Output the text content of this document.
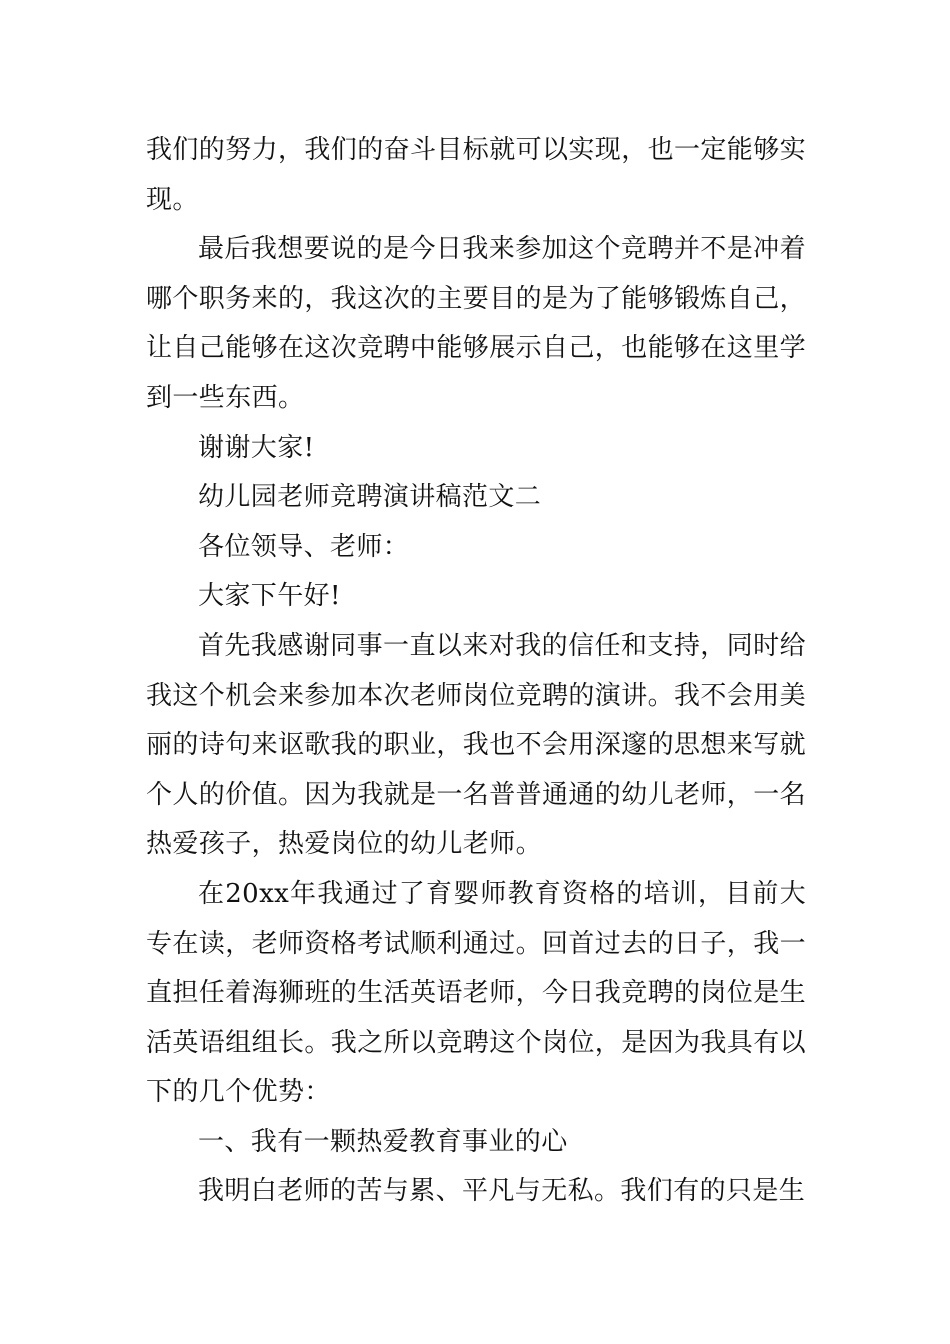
我们的努力，我们的奋斗目标就可以实现，也一定能够实现。

最后我想要说的是今日我来参加这个竞聘并不是冲着哪个职务来的，我这次的主要目的是为了能够锻炼自己，让自己能够在这次竞聘中能够展示自己，也能够在这里学到一些东西。

谢谢大家!

幼儿园老师竞聘演讲稿范文二

各位领导、老师：

大家下午好!

首先我感谢同事一直以来对我的信任和支持，同时给我这个机会来参加本次老师岗位竞聘的演讲。我不会用美丽的诗句来讴歌我的职业，我也不会用深邃的思想来写就个人的价值。因为我就是一名普普通通的幼儿老师，一名热爱孩子，热爱岗位的幼儿老师。

在20xx年我通过了育婴师教育资格的培训，目前大专在读，老师资格考试顺利通过。回首过去的日子，我一直担任着海狮班的生活英语老师，今日我竞聘的岗位是生活英语组组长。我之所以竞聘这个岗位，是因为我具有以下的几个优势：

一、我有一颗热爱教育事业的心

我明白老师的苦与累、平凡与无私。我们有的只是生
